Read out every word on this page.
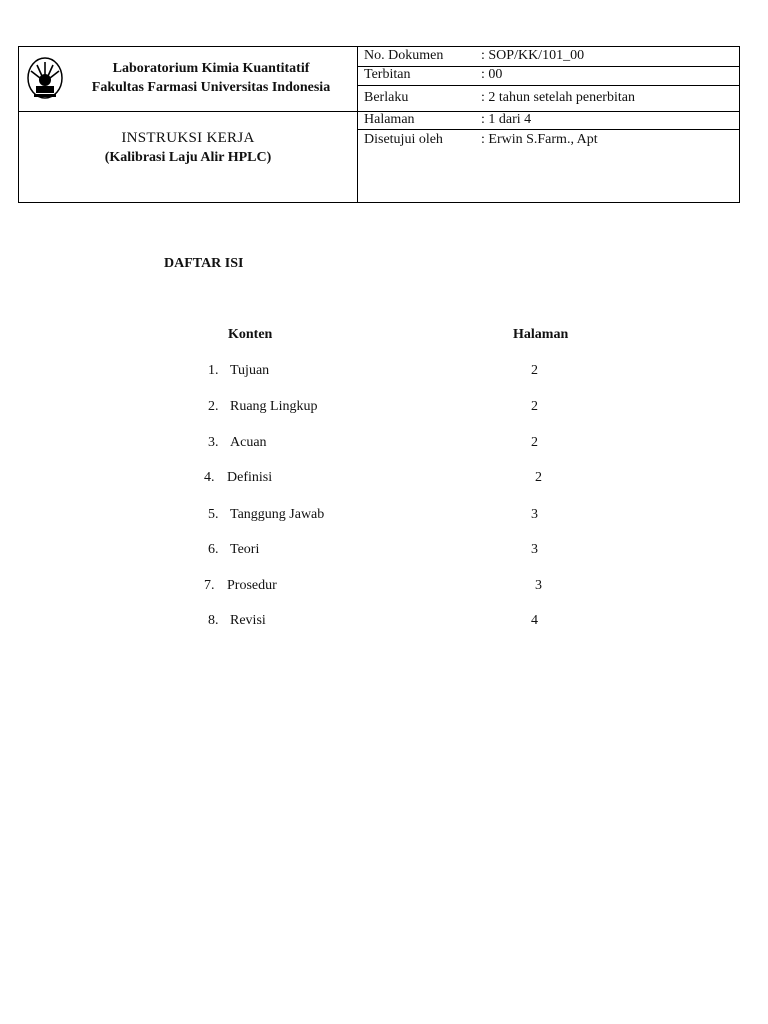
Laboratorium Kimia Kuantitatif
Fakultas Farmasi Universitas Indonesia
INSTRUKSI KERJA
(Kalibrasi Laju Alir HPLC)
No. Dokumen	: SOP/KK/101_00
Terbitan	: 00
Berlaku	: 2 tahun setelah penerbitan
Halaman	: 1 dari 4
Disetujui oleh	: Erwin S.Farm., Apt
DAFTAR ISI
Konten	Halaman
1. Tujuan	2
2. Ruang Lingkup	2
3. Acuan	2
4. Definisi	2
5. Tanggung Jawab	3
6. Teori	3
7. Prosedur	3
8. Revisi	4
